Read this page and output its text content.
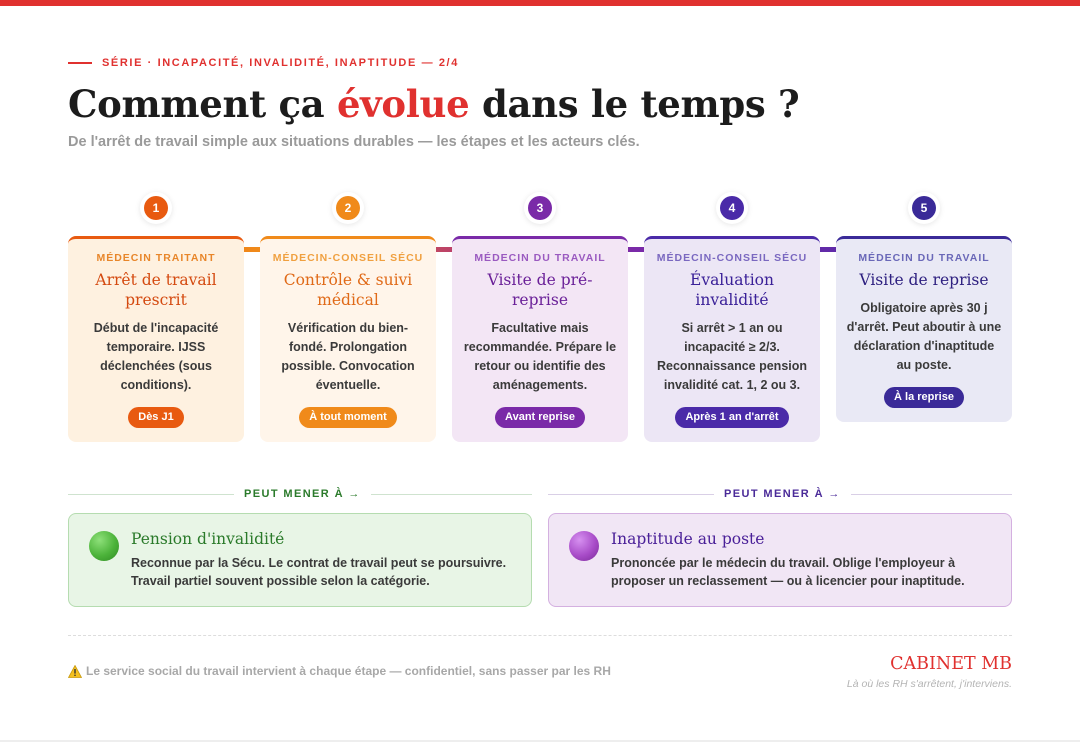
SÉRIE · INCAPACITÉ, INVALIDITÉ, INAPTITUDE — 2/4
Comment ça évolue dans le temps ?
De l'arrêt de travail simple aux situations durables — les étapes et les acteurs clés.
1	2	3	4	5
MÉDECIN TRAITANT
Arrêt de travail prescrit
Début de l'incapacité temporaire. IJSS déclenchées (sous conditions).
Dès J1
MÉDECIN-CONSEIL SÉCU
Contrôle & suivi médical
Vérification du bien-fondé. Prolongation possible. Convocation éventuelle.
À tout moment
MÉDECIN DU TRAVAIL
Visite de pré-reprise
Facultative mais recommandée. Prépare le retour ou identifie des aménagements.
Avant reprise
MÉDECIN-CONSEIL SÉCU
Évaluation invalidité
Si arrêt > 1 an ou incapacité ≥ 2/3. Reconnaissance pension invalidité cat. 1, 2 ou 3.
Après 1 an d'arrêt
MÉDECIN DU TRAVAIL
Visite de reprise
Obligatoire après 30 j d'arrêt. Peut aboutir à une déclaration d'inaptitude au poste.
À la reprise
PEUT MENER À →	PEUT MENER À →
Pension d'invalidité
Reconnue par la Sécu. Le contrat de travail peut se poursuivre. Travail partiel souvent possible selon la catégorie.
Inaptitude au poste
Prononcée par le médecin du travail. Oblige l'employeur à proposer un reclassement — ou à licencier pour inaptitude.
Le service social du travail intervient à chaque étape — confidentiel, sans passer par les RH	CABINET MB
Là où les RH s'arrêtent, j'interviens.
